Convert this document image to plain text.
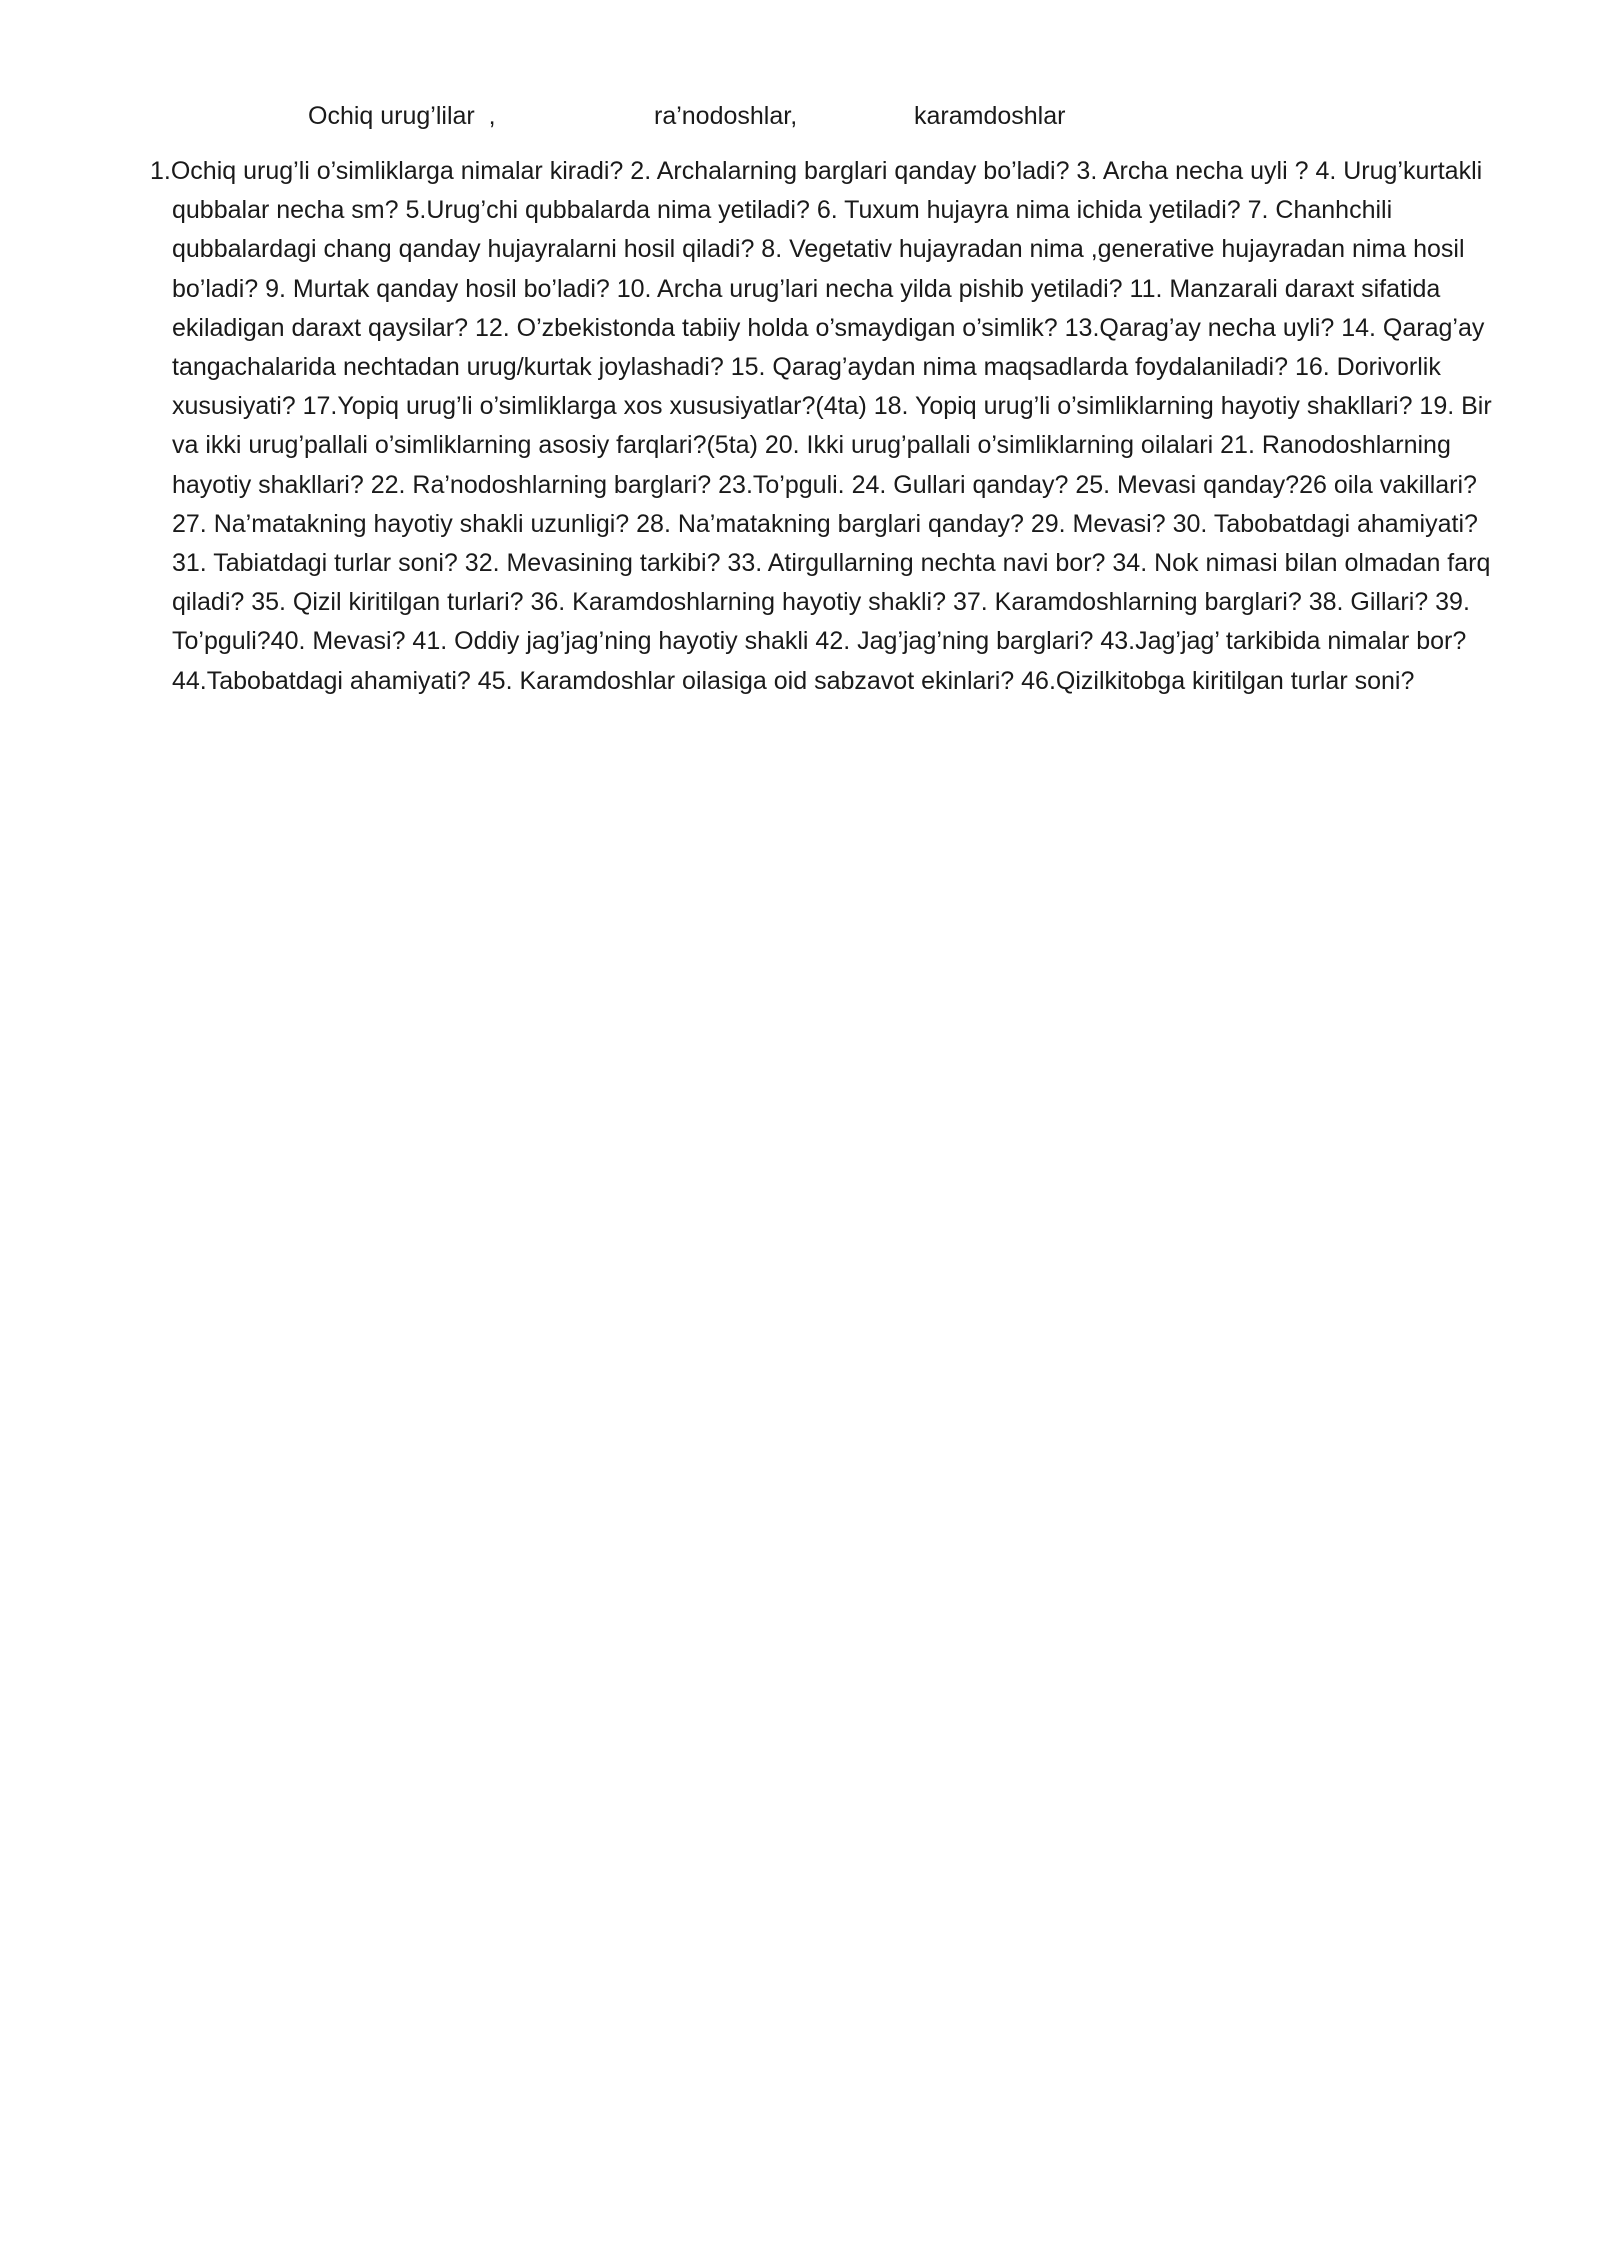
Ochiq urug’lilar  ,	ra’nodoshlar,	karamdoshlar

1.Ochiq urug’li o’simliklarga nimalar kiradi? 2. Archalarning barglari qanday bo’ladi? 3. Archa necha uyli ? 4. Urug’kurtakli qubbalar necha sm? 5.Urug’chi qubbalarda nima yetiladi? 6. Tuxum hujayra nima ichida yetiladi? 7. Chanhchili qubbalardagi chang qanday hujayralarni hosil qiladi? 8. Vegetativ hujayradan nima ,generative hujayradan nima hosil bo’ladi? 9. Murtak qanday hosil bo’ladi? 10. Archa urug’lari necha yilda pishib yetiladi? 11. Manzarali daraxt sifatida ekiladigan daraxt qaysilar? 12. O’zbekistonda tabiiy holda o’smaydigan o’simlik? 13.Qarag’ay necha uyli? 14. Qarag’ay tangachalarida nechtadan urug/kurtak joylashadi? 15. Qarag’aydan nima maqsadlarda foydalaniladi? 16. Dorivorlik xususiyati? 17.Yopiq urug’li o’simliklarga xos xususiyatlar?(4ta) 18. Yopiq urug’li o’simliklarning hayotiy shakllari? 19. Bir va ikki urug’pallali o’simliklarning asosiy farqlari?(5ta) 20. Ikki urug’pallali o’simliklarning oilalari 21. Ranodoshlarning hayotiy shakllari? 22. Ra’nodoshlarning barglari? 23.To’pguli. 24. Gullari qanday? 25. Mevasi qanday?26 oila vakillari? 27. Na’matakning hayotiy shakli uzunligi? 28. Na’matakning barglari qanday? 29. Mevasi? 30. Tabobatdagi ahamiyati? 31. Tabiatdagi turlar soni? 32. Mevasining tarkibi? 33. Atirgullarning nechta navi bor? 34. Nok nimasi bilan olmadan farq qiladi? 35. Qizil kiritilgan turlari? 36. Karamdoshlarning hayotiy shakli? 37. Karamdoshlarning barglari? 38. Gillari? 39. To’pguli?40. Mevasi? 41. Oddiy jag’jag’ning hayotiy shakli 42. Jag’jag’ning barglari? 43.Jag’jag’ tarkibida nimalar bor? 44.Tabobatdagi ahamiyati? 45. Karamdoshlar oilasiga oid sabzavot ekinlari? 46.Qizilkitobga kiritilgan turlar soni?
